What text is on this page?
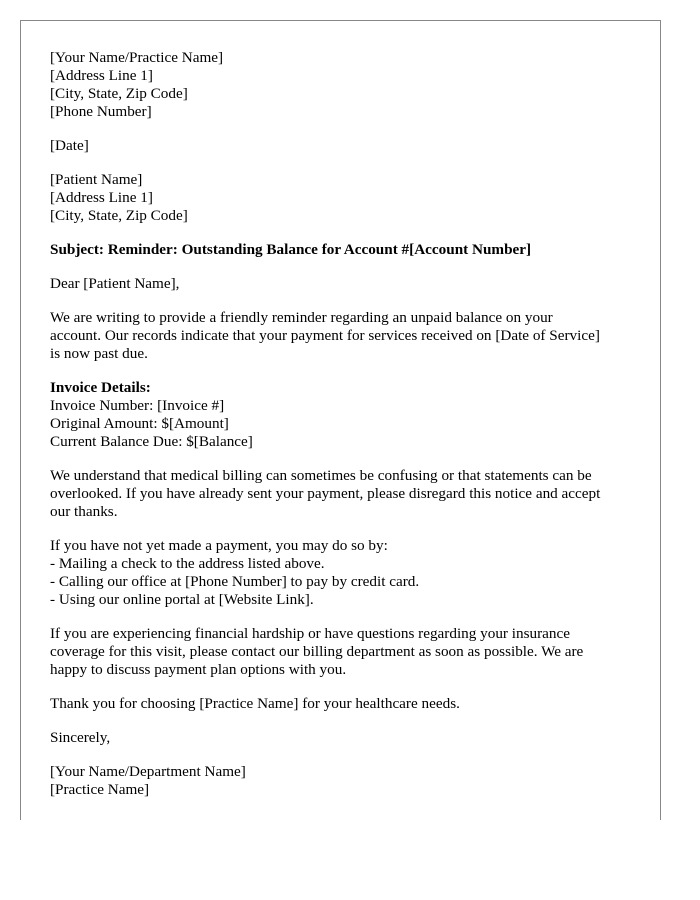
[Your Name/Practice Name]
[Address Line 1]
[City, State, Zip Code]
[Phone Number]
[Date]
[Patient Name]
[Address Line 1]
[City, State, Zip Code]
Subject: Reminder: Outstanding Balance for Account #[Account Number]
Dear [Patient Name],
We are writing to provide a friendly reminder regarding an unpaid balance on your
account. Our records indicate that your payment for services received on [Date of Service]
is now past due.
Invoice Details:
Invoice Number: [Invoice #]
Original Amount: $[Amount]
Current Balance Due: $[Balance]
We understand that medical billing can sometimes be confusing or that statements can be
overlooked. If you have already sent your payment, please disregard this notice and accept
our thanks.
If you have not yet made a payment, you may do so by:
- Mailing a check to the address listed above.
- Calling our office at [Phone Number] to pay by credit card.
- Using our online portal at [Website Link].
If you are experiencing financial hardship or have questions regarding your insurance
coverage for this visit, please contact our billing department as soon as possible. We are
happy to discuss payment plan options with you.
Thank you for choosing [Practice Name] for your healthcare needs.
Sincerely,
[Your Name/Department Name]
[Practice Name]
